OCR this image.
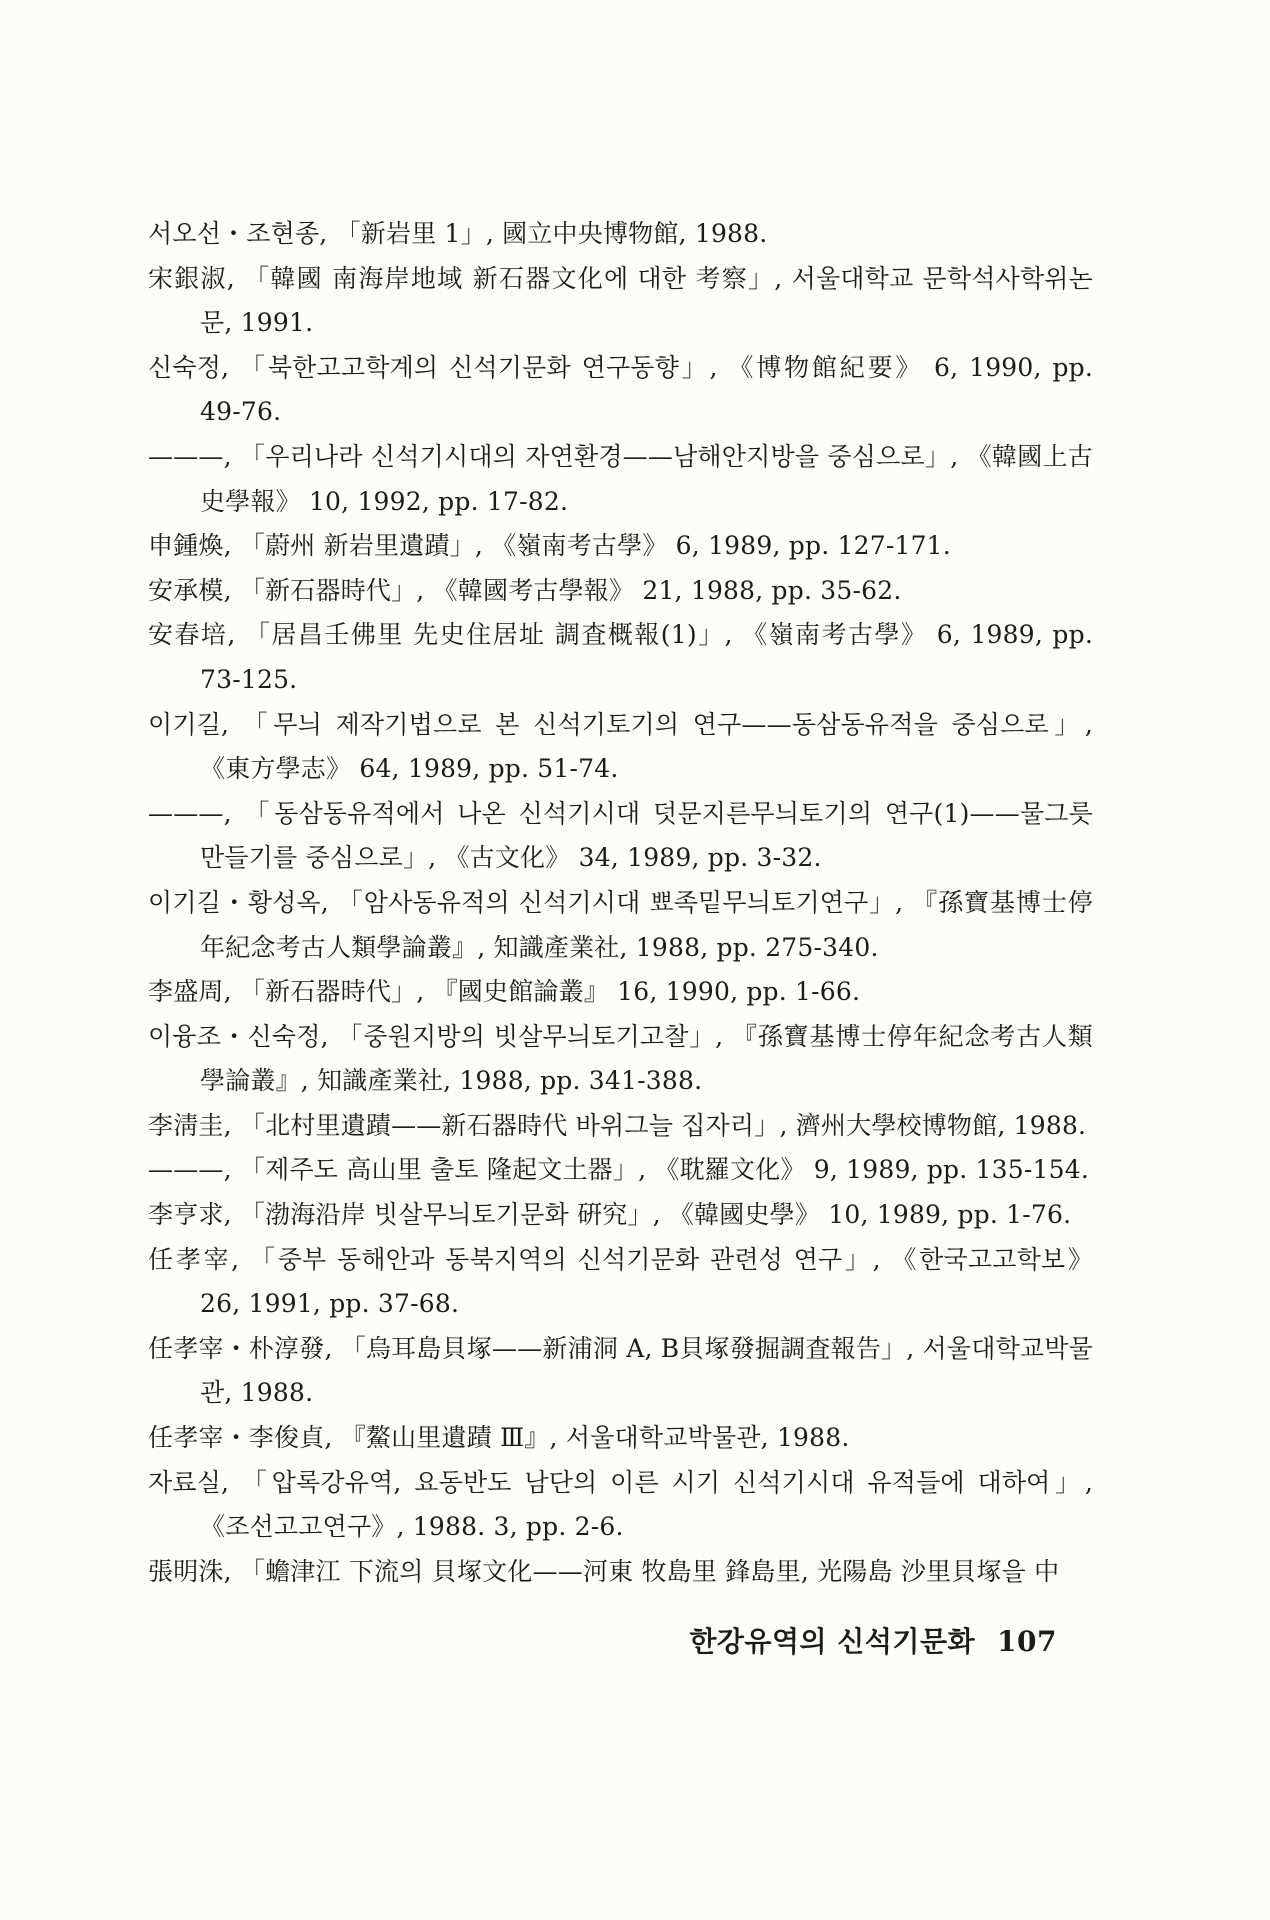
서오선・조현종, 「新岩里 1」, 國立中央博物館, 1988.

宋銀淑, 「韓國 南海岸地域 新石器文化에 대한 考察」, 서울대학교 문학석사학위논문, 1991.

신숙정, 「북한고고학계의 신석기문화 연구동향」, 《博物館紀要》 6, 1990, pp. 49-76.

———, 「우리나라 신석기시대의 자연환경——남해안지방을 중심으로」, 《韓國上古史學報》 10, 1992, pp. 17-82.

申鍾煥, 「蔚州 新岩里遺蹟」, 《嶺南考古學》 6, 1989, pp. 127-171.

安承模, 「新石器時代」, 《韓國考古學報》 21, 1988, pp. 35-62.

安春培, 「居昌壬佛里 先史住居址 調査概報(1)」, 《嶺南考古學》 6, 1989, pp. 73-125.

이기길, 「무늬 제작기법으로 본 신석기토기의 연구——동삼동유적을 중심으로」, 《東方學志》 64, 1989, pp. 51-74.

———, 「동삼동유적에서 나온 신석기시대 덧문지른무늬토기의 연구(1)——물그릇 만들기를 중심으로」, 《古文化》 34, 1989, pp. 3-32.

이기길・황성옥, 「암사동유적의 신석기시대 뾰족밑무늬토기연구」, 『孫寶基博士停年紀念考古人類學論叢』, 知識產業社, 1988, pp. 275-340.

李盛周, 「新石器時代」, 『國史館論叢』 16, 1990, pp. 1-66.

이융조・신숙정, 「중원지방의 빗살무늬토기고찰」, 『孫寶基博士停年紀念考古人類學論叢』, 知識產業社, 1988, pp. 341-388.

李淸圭, 「北村里遺蹟——新石器時代 바위그늘 집자리」, 濟州大學校博物館, 1988.

———, 「제주도 高山里 출토 隆起文土器」, 《耽羅文化》 9, 1989, pp. 135-154.

李亨求, 「渤海沿岸 빗살무늬토기문화 硏究」, 《韓國史學》 10, 1989, pp. 1-76.

任孝宰, 「중부 동해안과 동북지역의 신석기문화 관련성 연구」, 《한국고고학보》 26, 1991, pp. 37-68.

任孝宰・朴淳發, 「烏耳島貝塚——新浦洞 A, B貝塚發掘調査報告」, 서울대학교박물관, 1988.

任孝宰・李俊貞, 『鰲山里遺蹟 Ⅲ』, 서울대학교박물관, 1988.

자료실, 「압록강유역, 요동반도 남단의 이른 시기 신석기시대 유적들에 대하여」, 《조선고고연구》, 1988. 3, pp. 2-6.

張明洙, 「蟾津江 下流의 貝塚文化——河東 牧島里 鋒島里, 光陽島 沙里貝塚을 中

한강유역의 신석기문화 107
